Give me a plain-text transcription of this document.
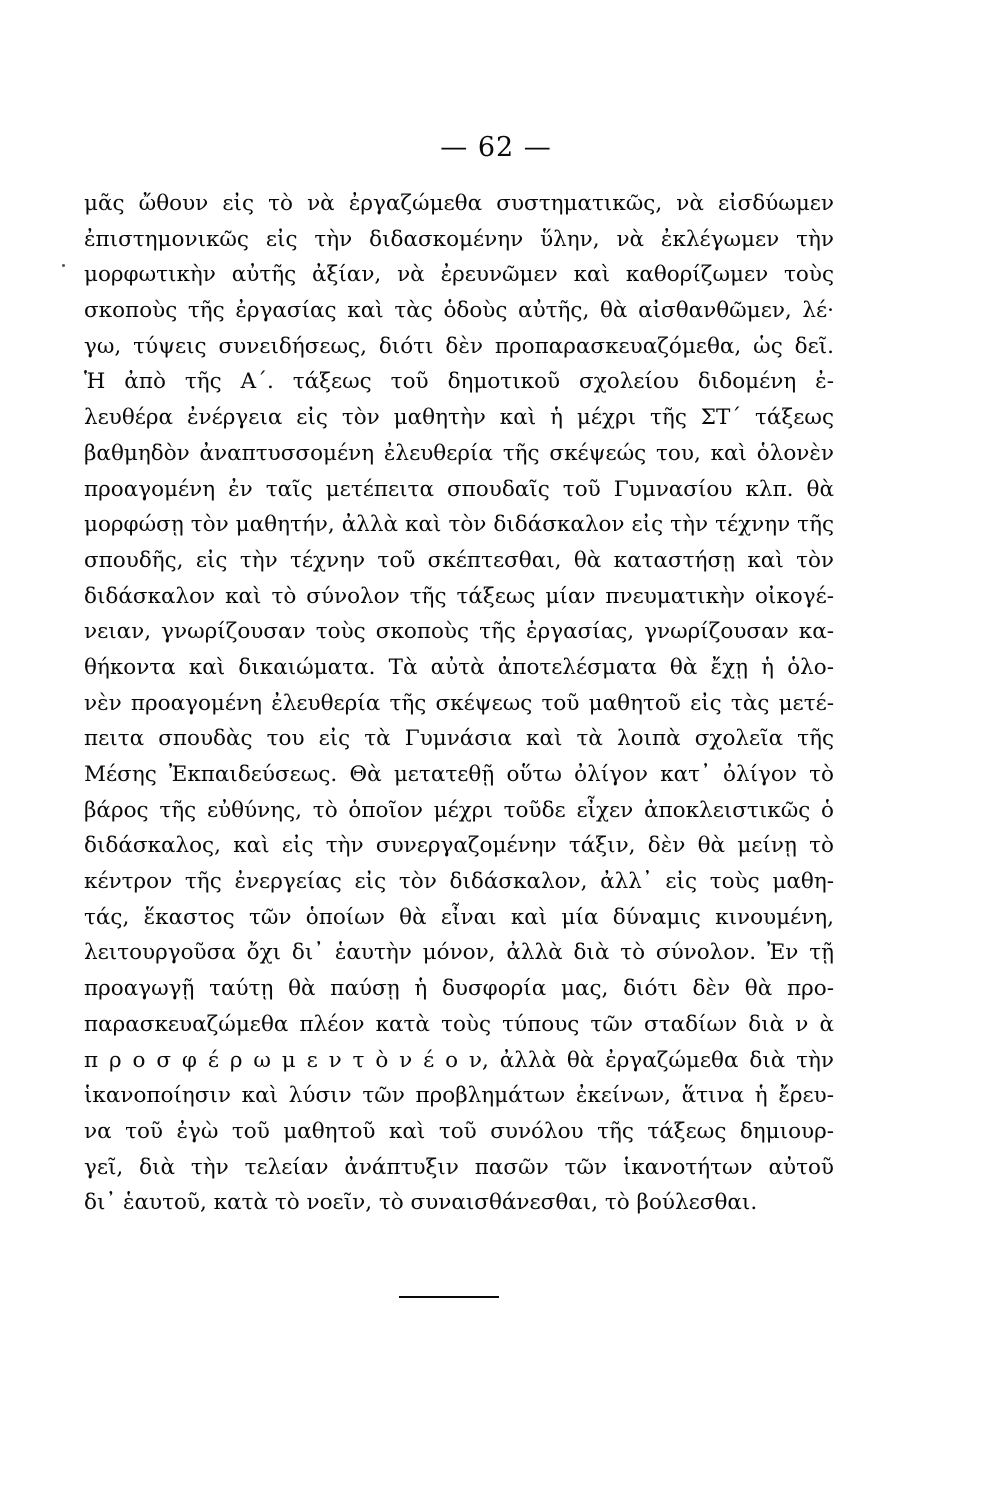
— 62 —
μᾶς ὤθουν εἰς τὸ νὰ ἐργαζώμεθα συστηματικῶς, νὰ εἰσδύωμεν
ἐπιστημονικῶς εἰς τὴν διδασκομένην ὕλην, νὰ ἐκλέγωμεν τὴν
μορφωτικὴν αὐτῆς ἀξίαν, νὰ ἐρευνῶμεν καὶ καθορίζωμεν τοὺς
σκοποὺς τῆς ἐργασίας καὶ τὰς ὁδοὺς αὐτῆς, θὰ αἰσθανθῶμεν, λέ·
γω, τύψεις συνειδήσεως, διότι δὲν προπαρασκευαζόμεθα, ὡς δεῖ.
Ἡ ἀπὸ τῆς Α΄. τάξεως τοῦ δημοτικοῦ σχολείου διδομένη ἐ-
λευθέρα ἐνέργεια εἰς τὸν μαθητὴν καὶ ἡ μέχρι τῆς ΣΤ΄ τάξεως
βαθμηδὸν ἀναπτυσσομένη ἐλευθερία τῆς σκέψεώς του, καὶ ὁλονὲν
προαγομένη ἐν ταῖς μετέπειτα σπουδαῖς τοῦ Γυμνασίου κλπ. θὰ
μορφώσῃ τὸν μαθητήν, ἀλλὰ καὶ τὸν διδάσκαλον εἰς τὴν τέχνην τῆς
σπουδῆς, εἰς τὴν τέχνην τοῦ σκέπτεσθαι, θὰ καταστήσῃ καὶ τὸν
διδάσκαλον καὶ τὸ σύνολον τῆς τάξεως μίαν πνευματικὴν οἰκογέ-
νειαν, γνωρίζουσαν τοὺς σκοποὺς τῆς ἐργασίας, γνωρίζουσαν κα-
θήκοντα καὶ δικαιώματα. Τὰ αὐτὰ ἀποτελέσματα θὰ ἔχῃ ἡ ὁλο-
νὲν προαγομένη ἐλευθερία τῆς σκέψεως τοῦ μαθητοῦ εἰς τὰς μετέ-
πειτα σπουδὰς του εἰς τὰ Γυμνάσια καὶ τὰ λοιπὰ σχολεῖα τῆς
Μέσης Ἐκπαιδεύσεως. Θὰ μετατεθῇ οὕτω ὀλίγον κατ᾿ ὀλίγον τὸ
βάρος τῆς εὐθύνης, τὸ ὁποῖον μέχρι τοῦδε εἶχεν ἀποκλειστικῶς ὁ
διδάσκαλος, καὶ εἰς τὴν συνεργαζομένην τάξιν, δὲν θὰ μείνῃ τὸ
κέντρον τῆς ἐνεργείας εἰς τὸν διδάσκαλον, ἀλλ᾿ εἰς τοὺς μαθη-
τάς, ἕκαστος τῶν ὁποίων θὰ εἶναι καὶ μία δύναμις κινουμένη,
λειτουργοῦσα ὄχι δι᾿ ἑαυτὴν μόνον, ἀλλὰ διὰ τὸ σύνολον. Ἐν τῇ
προαγωγῇ ταύτῃ θὰ παύσῃ ἡ δυσφορία μας, διότι δὲν θὰ προ-
παρασκευαζώμεθα πλέον κατὰ τοὺς τύπους τῶν σταδίων διὰ ν ὰ
π ρ ο σ φ έ ρ ω μ ε ν τ ὸ ν έ ο ν, ἀλλὰ θὰ ἐργαζώμεθα διὰ τὴν
ἱκανοποίησιν καὶ λύσιν τῶν προβλημάτων ἐκείνων, ἅτινα ἡ ἔρευ-
να τοῦ ἐγὼ τοῦ μαθητοῦ καὶ τοῦ συνόλου τῆς τάξεως δημιουρ-
γεῖ, διὰ τὴν τελείαν ἀνάπτυξιν πασῶν τῶν ἱκανοτήτων αὐτοῦ
δι᾿ ἑαυτοῦ, κατὰ τὸ νοεῖν, τὸ συναισθάνεσθαι, τὸ βούλεσθαι.
